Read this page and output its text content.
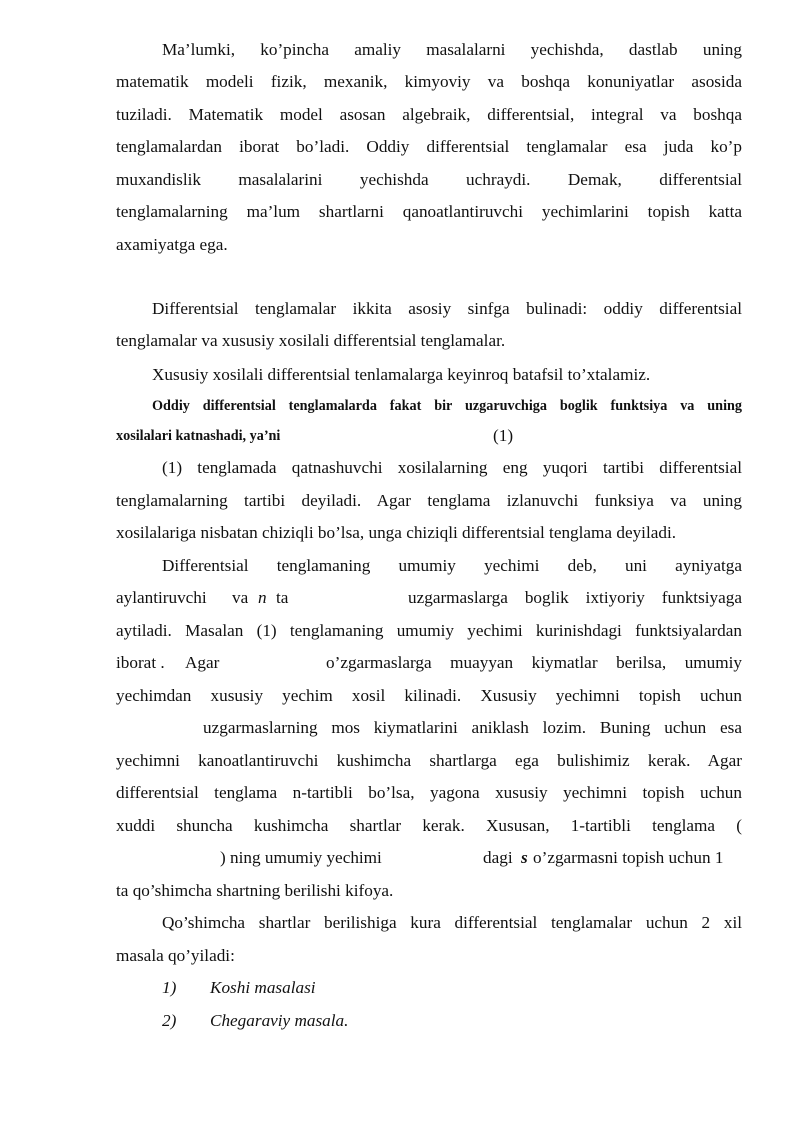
Ma’lumki, ko’pincha amaliy masalalarni yechishda, dastlab uning
matematik modeli fizik, mexanik, kimyoviy va boshqa konuniyatlar asosida
tuziladi. Matematik model asosan algebraik, differentsial, integral va boshqa
tenglamalardan iborat bo’ladi. Oddiy differentsial tenglamalar esa juda ko’p
muxandislik masalalarini yechishda uchraydi. Demak, differentsial
tenglamalarning ma’lum shartlarni qanoatlantiruvchi yechimlarini topish katta
axamiyatga ega.
Differentsial tenglamalar ikkita asosiy sinfga bulinadi: oddiy differentsial
tenglamalar va xususiy xosilali differentsial tenglamalar.
Xususiy xosilali differentsial tenlamalarga keyinroq batafsil to’xtalamiz.
Oddiy differentsial tenglamalarda fakat bir uzgaruvchiga boglik funktsiya va uning
xosilalari katnashadi, ya’ni	(1)
(1) tenglamada qatnashuvchi xosilalarning eng yuqori tartibi differentsial
tenglamalarning tartibi deyiladi. Agar tenglama izlanuvchi funksiya va uning
xosilalariga nisbatan chiziqli bo’lsa, unga chiziqli differentsial tenglama deyiladi.
Differentsial tenglamaning umumiy yechimi deb, uni ayniyatga
aylantiruvchi va n ta	uzgarmaslarga boglik ixtiyoriy funktsiyaga
aytiladi. Masalan (1) tenglamaning umumiy yechimi kurinishdagi funktsiyalardan
iborat . Agar	o’zgarmaslarga muayyan kiymatlar berilsa, umumiy
yechimdan xususiy yechim xosil kilinadi. Xususiy yechimni topish uchun
uzgarmaslarning mos kiymatlarini aniklash lozim. Buning uchun esa
yechimni kanoatlantiruvchi kushimcha shartlarga ega bulishimiz kerak. Agar
differentsial tenglama n-tartibli bo’lsa, yagona xususiy yechimni topish uchun
xuddi shuncha kushimcha shartlar kerak. Xususan, 1-tartibli tenglama (
) ning umumiy yechimi	dagi s o’zgarmasni topish uchun 1
ta qo’shimcha shartning berilishi kifoya.
Qo’shimcha shartlar berilishiga kura differentsial tenglamalar uchun 2 xil
masala qo’yiladi:
1) Koshi masalasi
2) Chegaraviy masala.
